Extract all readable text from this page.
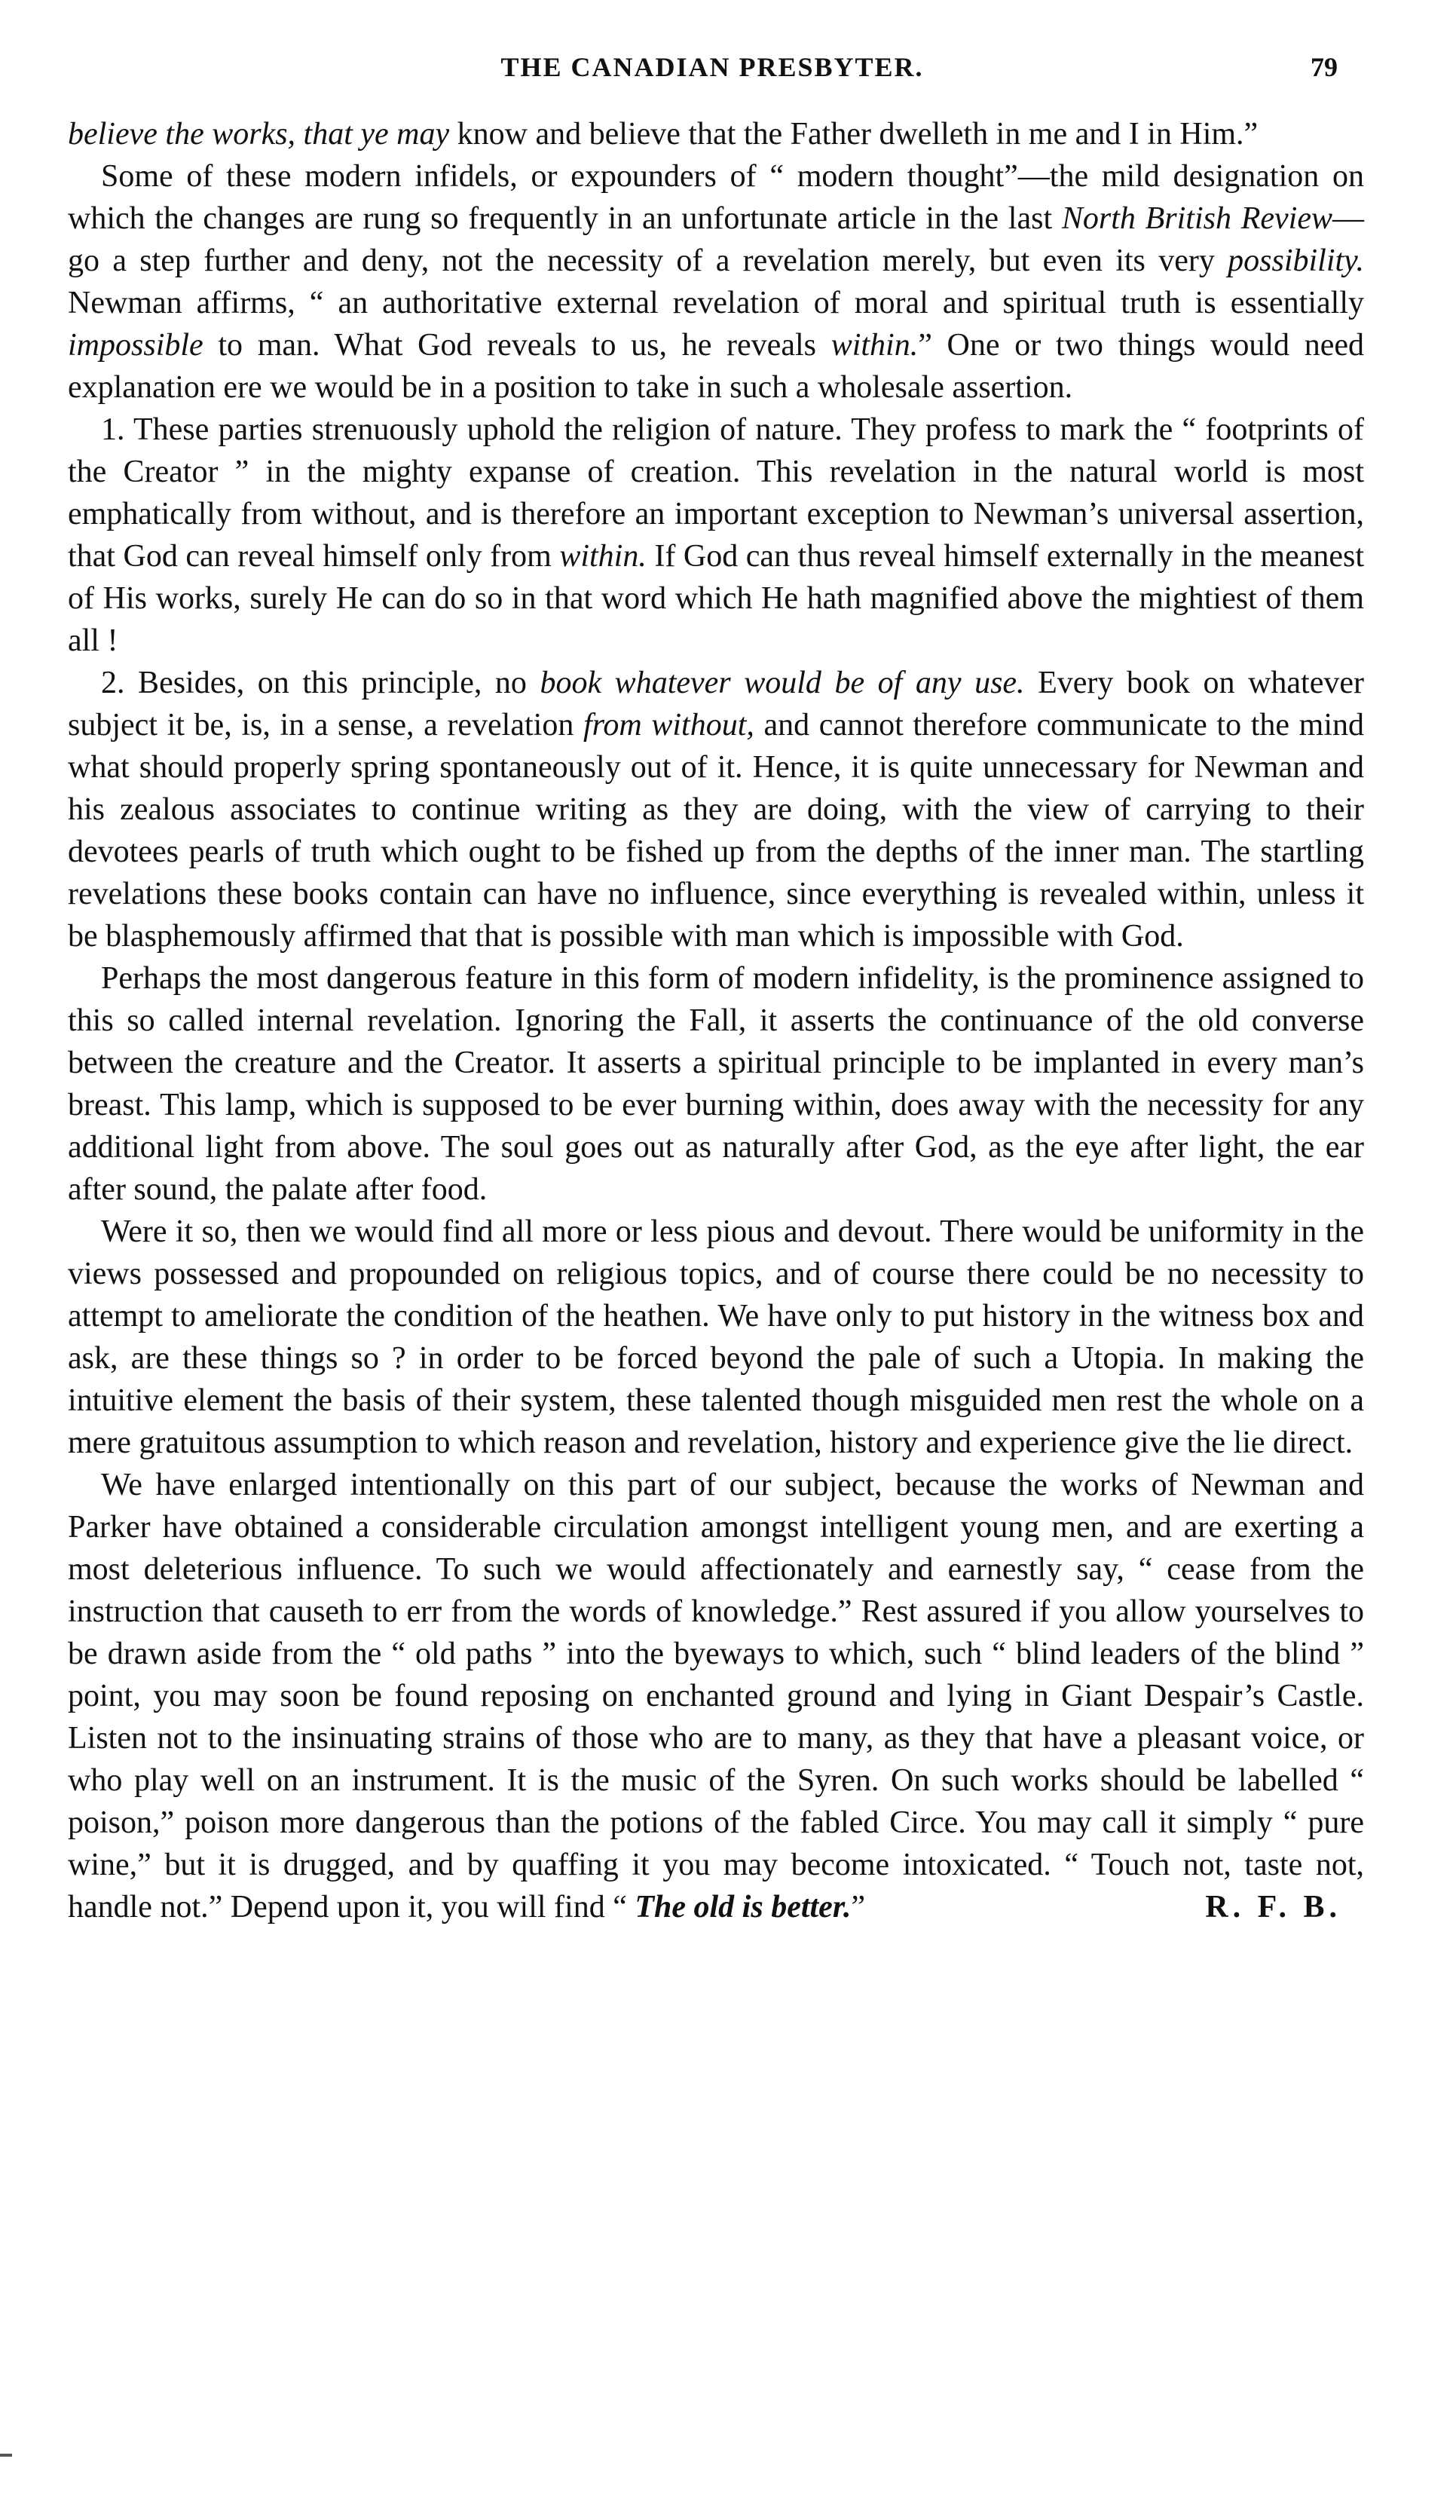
THE CANADIAN PRESBYTER.	79

believe the works, that ye may know and believe that the Father dwelleth in me and I in Him.”

Some of these modern infidels, or expounders of “ modern thought”—the mild designation on which the changes are rung so frequently in an unfortunate article in the last North British Review—go a step further and deny, not the necessity of a revelation merely, but even its very possibility. Newman affirms, “ an authoritative external revelation of moral and spiritual truth is essentially impossible to man. What God reveals to us, he reveals within.” One or two things would need explanation ere we would be in a position to take in such a wholesale assertion.

1. These parties strenuously uphold the religion of nature. They profess to mark the “ footprints of the Creator ” in the mighty expanse of creation. This revelation in the natural world is most emphatically from without, and is therefore an important exception to Newman’s universal assertion, that God can reveal himself only from within. If God can thus reveal himself externally in the meanest of His works, surely He can do so in that word which He hath magnified above the mightiest of them all !

2. Besides, on this principle, no book whatever would be of any use. Every book on whatever subject it be, is, in a sense, a revelation from without, and cannot therefore communicate to the mind what should properly spring spontaneously out of it. Hence, it is quite unnecessary for Newman and his zealous associates to continue writing as they are doing, with the view of carrying to their devotees pearls of truth which ought to be fished up from the depths of the inner man. The startling revelations these books contain can have no influence, since everything is revealed within, unless it be blasphemously affirmed that that is possible with man which is impossible with God.

Perhaps the most dangerous feature in this form of modern infidelity, is the prominence assigned to this so called internal revelation. Ignoring the Fall, it asserts the continuance of the old converse between the creature and the Creator. It asserts a spiritual principle to be implanted in every man’s breast. This lamp, which is supposed to be ever burning within, does away with the necessity for any additional light from above. The soul goes out as naturally after God, as the eye after light, the ear after sound, the palate after food.

Were it so, then we would find all more or less pious and devout. There would be uniformity in the views possessed and propounded on religious topics, and of course there could be no necessity to attempt to ameliorate the condition of the heathen. We have only to put history in the witness box and ask, are these things so ? in order to be forced beyond the pale of such a Utopia. In making the intuitive element the basis of their system, these talented though misguided men rest the whole on a mere gratuitous assumption to which reason and revelation, history and experience give the lie direct.

We have enlarged intentionally on this part of our subject, because the works of Newman and Parker have obtained a considerable circulation amongst intelligent young men, and are exerting a most deleterious influence. To such we would affectionately and earnestly say, “ cease from the instruction that causeth to err from the words of knowledge.” Rest assured if you allow yourselves to be drawn aside from the “ old paths ” into the byeways to which, such “ blind leaders of the blind ” point, you may soon be found reposing on enchanted ground and lying in Giant Despair’s Castle. Listen not to the insinuating strains of those who are to many, as they that have a pleasant voice, or who play well on an instrument. It is the music of the Syren. On such works should be labelled “ poison,” poison more dangerous than the potions of the fabled Circe. You may call it simply “ pure wine,” but it is drugged, and by quaffing it you may become intoxicated. “ Touch not, taste not, handle not.” Depend upon it, you will find “ The old is better.”	R. F. B.
